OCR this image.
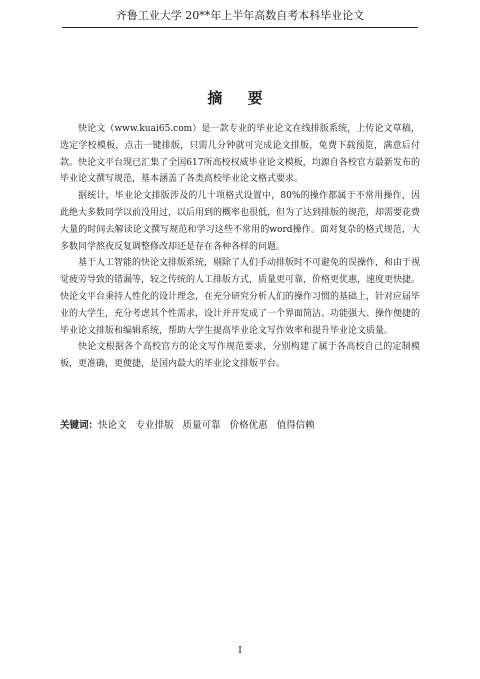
齐鲁工业大学 20**年上半年高数自考本科毕业论文
摘 要

快论文（www.kuai65.com）是一款专业的毕业论文在线排版系统，上传论文草稿，选定学校模板，点击一键排版，只需几分钟就可完成论文排版，免费下载预览，满意后付款。快论文平台现已汇集了全国617所高校权威毕业论文模板，均源自各校官方最新发布的毕业论文撰写规范，基本涵盖了各类高校毕业论文格式要求。

据统计，毕业论文排版涉及的几十项格式设置中，80%的操作都属于不常用操作，因此绝大多数同学以前没用过，以后用到的概率也很低，但为了达到排版的规范，却需要花费大量的时间去解读论文撰写规范和学习这些不常用的word操作。面对复杂的格式规范，大多数同学熬夜反复调整修改却还是存在各种各样的问题。

基于人工智能的快论文排版系统，剔除了人们手动排版时不可避免的误操作，和由于视觉疲劳导致的错漏等，较之传统的人工排版方式，质量更可靠，价格更优惠，速度更快捷。快论文平台秉持人性化的设计理念，在充分研究分析人们的操作习惯的基础上，针对应届毕业的大学生，充分考虑其个性需求，设计并开发成了一个界面简洁、功能强大、操作便捷的毕业论文排版和编辑系统，帮助大学生提高毕业论文写作效率和提升毕业论文质量。

快论文根据各个高校官方的论文写作规范要求，分别构建了属于各高校自己的定制模板，更准确，更便捷，是国内最大的毕业论文排版平台。

关键词：快论文 专业排版 质量可靠 价格优惠 值得信赖
I
